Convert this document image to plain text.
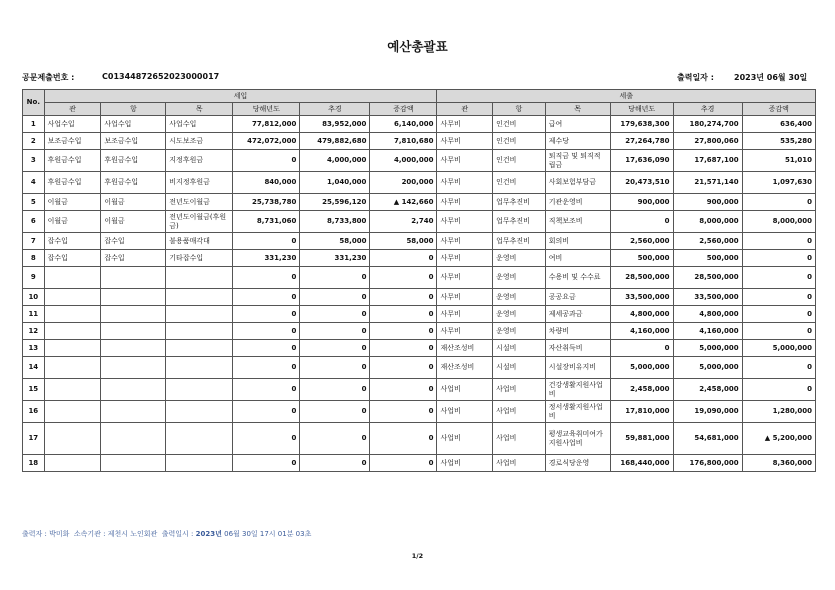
예산총괄표
공문제출번호 :	C01344872652023000017	출력일자 :	2023년 06월 30일
No.	세입						세출					
	관	항	목	당해년도	추경	증감액	관	항	목	당해년도	추경	증감액
1	사업수입	사업수입	사업수입	77,812,000	83,952,000	6,140,000	사무비	인건비	급여	179,638,300	180,274,700	636,400
2	보조금수입	보조금수입	시도보조금	472,072,000	479,882,680	7,810,680	사무비	인건비	제수당	27,264,780	27,800,060	535,280
3	후원금수입	후원금수입	지정후원금	0	4,000,000	4,000,000	사무비	인건비	퇴직금 및 퇴직적립금	17,636,090	17,687,100	51,010
4	후원금수입	후원금수입	비지정후원금	840,000	1,040,000	200,000	사무비	인건비	사회보험부담금	20,473,510	21,571,140	1,097,630
5	이월금	이월금	전년도이월금	25,738,780	25,596,120	▲ 142,660	사무비	업무추진비	기관운영비	900,000	900,000	0
6	이월금	이월금	전년도이월금(후원금)	8,731,060	8,733,800	2,740	사무비	업무추진비	직책보조비	0	8,000,000	8,000,000
7	잡수입	잡수입	불용품매각대	0	58,000	58,000	사무비	업무추진비	회의비	2,560,000	2,560,000	0
8	잡수입	잡수입	기타잡수입	331,230	331,230	0	사무비	운영비	여비	500,000	500,000	0
9				0	0	0	사무비	운영비	수용비 및 수수료	28,500,000	28,500,000	0
10				0	0	0	사무비	운영비	공공요금	33,500,000	33,500,000	0
11				0	0	0	사무비	운영비	제세공과금	4,800,000	4,800,000	0
12				0	0	0	사무비	운영비	차량비	4,160,000	4,160,000	0
13				0	0	0	재산조성비	시설비	자산취득비	0	5,000,000	5,000,000
14				0	0	0	재산조성비	시설비	시설장비유지비	5,000,000	5,000,000	0
15				0	0	0	사업비	사업비	건강생활지원사업비	2,458,000	2,458,000	0
16				0	0	0	사업비	사업비	정서생활지원사업비	17,810,000	19,090,000	1,280,000
17				0	0	0	사업비	사업비	평생교육취미여가지원사업비	59,881,000	54,681,000	▲ 5,200,000
18				0	0	0	사업비	사업비	경로식당운영	168,440,000	176,800,000	8,360,000
출력자 : 박미화 소속기관 : 제천시 노인회관 출력일시 : 2023년 06월 30일 17시 01분 03초
1/2
